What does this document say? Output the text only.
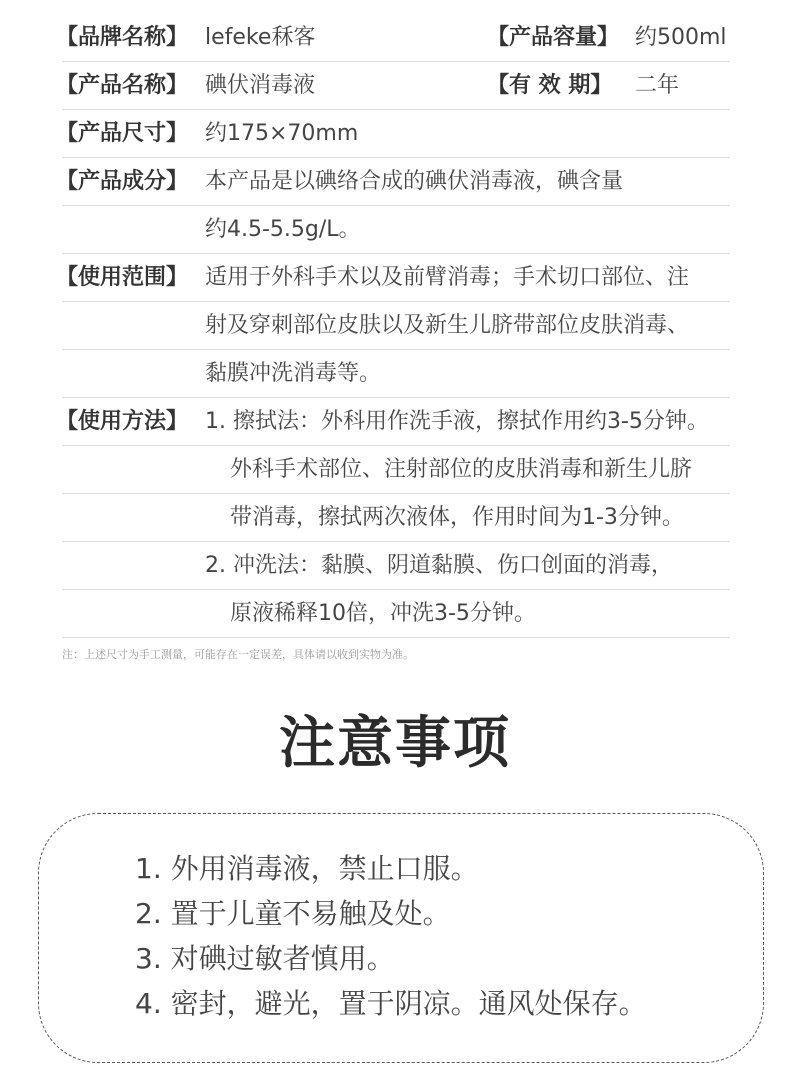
【品牌名称】 lefeke秝客	【产品容量】 约500ml
【产品名称】 碘伏消毒液	【有 效 期】 二年
【产品尺寸】 约175×70mm
【产品成分】 本产品是以碘络合成的碘伏消毒液，碘含量
约4.5-5.5g/L。
【使用范围】 适用于外科手术以及前臂消毒；手术切口部位、注
射及穿刺部位皮肤以及新生儿脐带部位皮肤消毒、
黏膜冲洗消毒等。
【使用方法】 1. 擦拭法：外科用作洗手液，擦拭作用约3-5分钟。
外科手术部位、注射部位的皮肤消毒和新生儿脐
带消毒，擦拭两次液体，作用时间为1-3分钟。
2. 冲洗法：黏膜、阴道黏膜、伤口创面的消毒，
原液稀释10倍，冲洗3-5分钟。
注：上述尺寸为手工测量，可能存在一定误差，具体请以收到实物为准。
注意事项
1. 外用消毒液，禁止口服。
2. 置于儿童不易触及处。
3. 对碘过敏者慎用。
4. 密封，避光，置于阴凉。通风处保存。
